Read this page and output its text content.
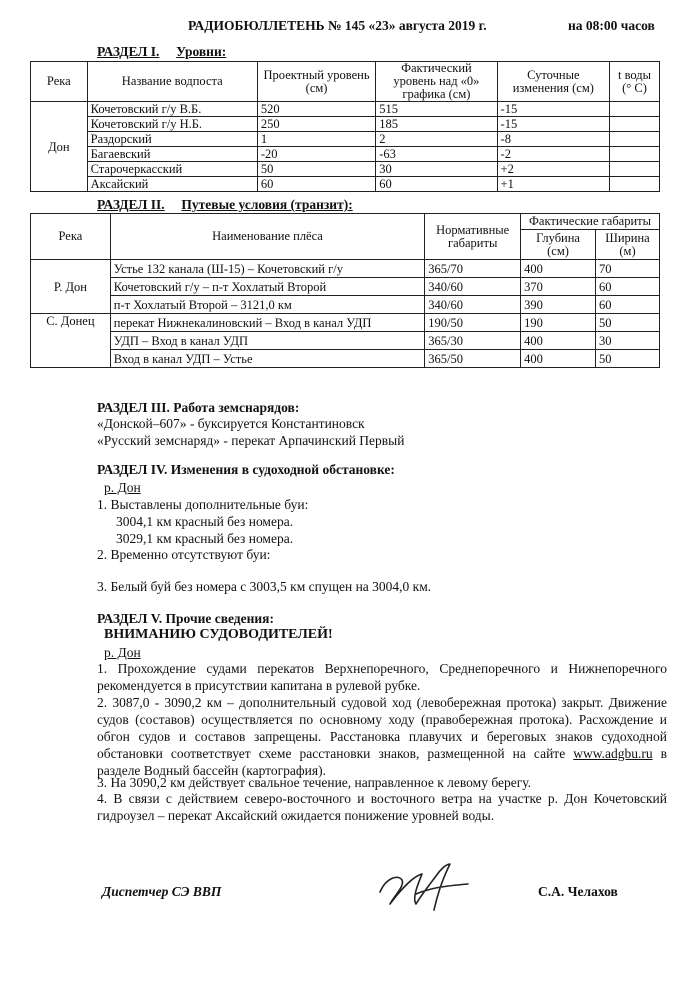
РАДИОБЮЛЛЕТЕНЬ № 145 «23» августа 2019 г.	на 08:00 часов
РАЗДЕЛ I. Уровни:
Река	Название водпоста	Проектный уровень (см)	Фактический уровень над «0» графика (см)	Суточные изменения (см)	t воды (° С)
Дон	Кочетовский г/у В.Б.	520	515	-15	
	Кочетовский г/у Н.Б.	250	185	-15	
	Раздорский	1	2	-8	
	Багаевский	-20	-63	-2	
	Старочеркасский	50	30	+2	
	Аксайский	60	60	+1	
РАЗДЕЛ II. Путевые условия (транзит):
Река	Наименование плёса	Нормативные габариты	Фактические габариты	
			Глубина (см)	Ширина (м)
Р. Дон	Устье 132 канала (Ш-15) – Кочетовский г/у	365/70	400	70
	Кочетовский г/у – п-т Хохлатый Второй	340/60	370	60
	п-т Хохлатый Второй – 3121,0 км	340/60	390	60
С. Донец	перекат Нижнекалиновский – Вход в канал УДП	190/50	190	50
	УДП – Вход в канал УДП	365/30	400	30
	Вход в канал УДП – Устье	365/50	400	50
РАЗДЕЛ III. Работа земснарядов:
«Донской–607» - буксируется Константиновск
«Русский земснаряд» - перекат Арпачинский Первый
РАЗДЕЛ IV. Изменения в судоходной обстановке:
р. Дон
1. Выставлены дополнительные буи:
3004,1 км красный без номера.
3029,1 км красный без номера.
2. Временно отсутствуют буи:
3. Белый буй без номера с 3003,5 км спущен на 3004,0 км.
РАЗДЕЛ V. Прочие сведения:
ВНИМАНИЮ СУДОВОДИТЕЛЕЙ!
р. Дон
1. Прохождение судами перекатов Верхнепоречного, Среднепоречного и Нижнепоречного рекомендуется в присутствии капитана в рулевой рубке.
2. 3087,0 - 3090,2 км – дополнительный судовой ход (левобережная протока) закрыт. Движение судов (составов) осуществляется по основному ходу (правобережная протока). Расхождение и обгон судов и составов запрещены. Расстановка плавучих и береговых знаков судоходной обстановки соответствует схеме расстановки знаков, размещенной на сайте www.adgbu.ru в разделе Водный бассейн (картография).
3. На 3090,2 км действует свальное течение, направленное к левому берегу.
4. В связи с действием северо-восточного и восточного ветра на участке р. Дон Кочетовский гидроузел – перекат Аксайский ожидается понижение уровней воды.
Диспетчер СЭ ВВП	С.А. Челахов
